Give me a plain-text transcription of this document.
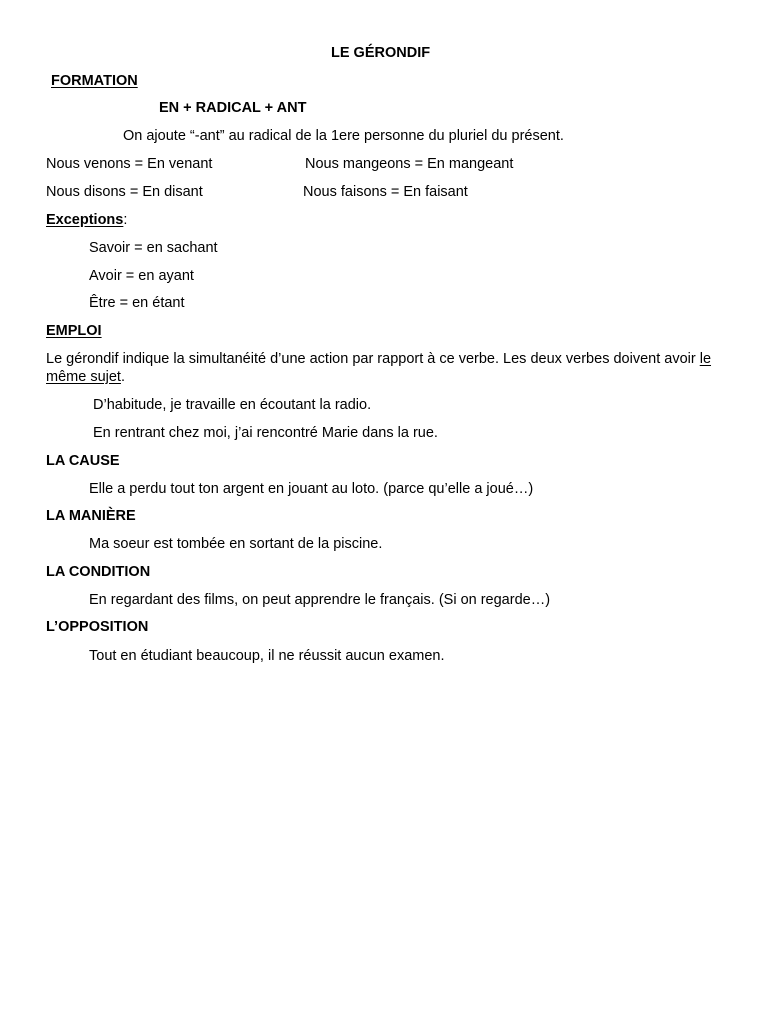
LE GÉRONDIF
FORMATION
EN + RADICAL + ANT
On ajoute “-ant” au radical de la 1ere personne du pluriel du présent.
Nous venons = En venant	Nous mangeons = En mangeant
Nous disons = En disant	Nous faisons = En faisant
Exceptions:
Savoir = en sachant
Avoir = en ayant
Être = en étant
EMPLOI
Le gérondif indique la simultanéité d’une action par rapport à ce verbe. Les deux verbes doivent avoir le même sujet.
D’habitude, je travaille en écoutant la radio.
En rentrant chez moi, j’ai rencontré Marie dans la rue.
LA CAUSE
Elle a perdu tout ton argent en jouant au loto. (parce qu’elle a joué…)
LA MANIÈRE
Ma soeur est tombée en sortant de la piscine.
LA CONDITION
En regardant des films, on peut apprendre le français. (Si on regarde…)
L’OPPOSITION
Tout en étudiant beaucoup, il ne réussit aucun examen.
